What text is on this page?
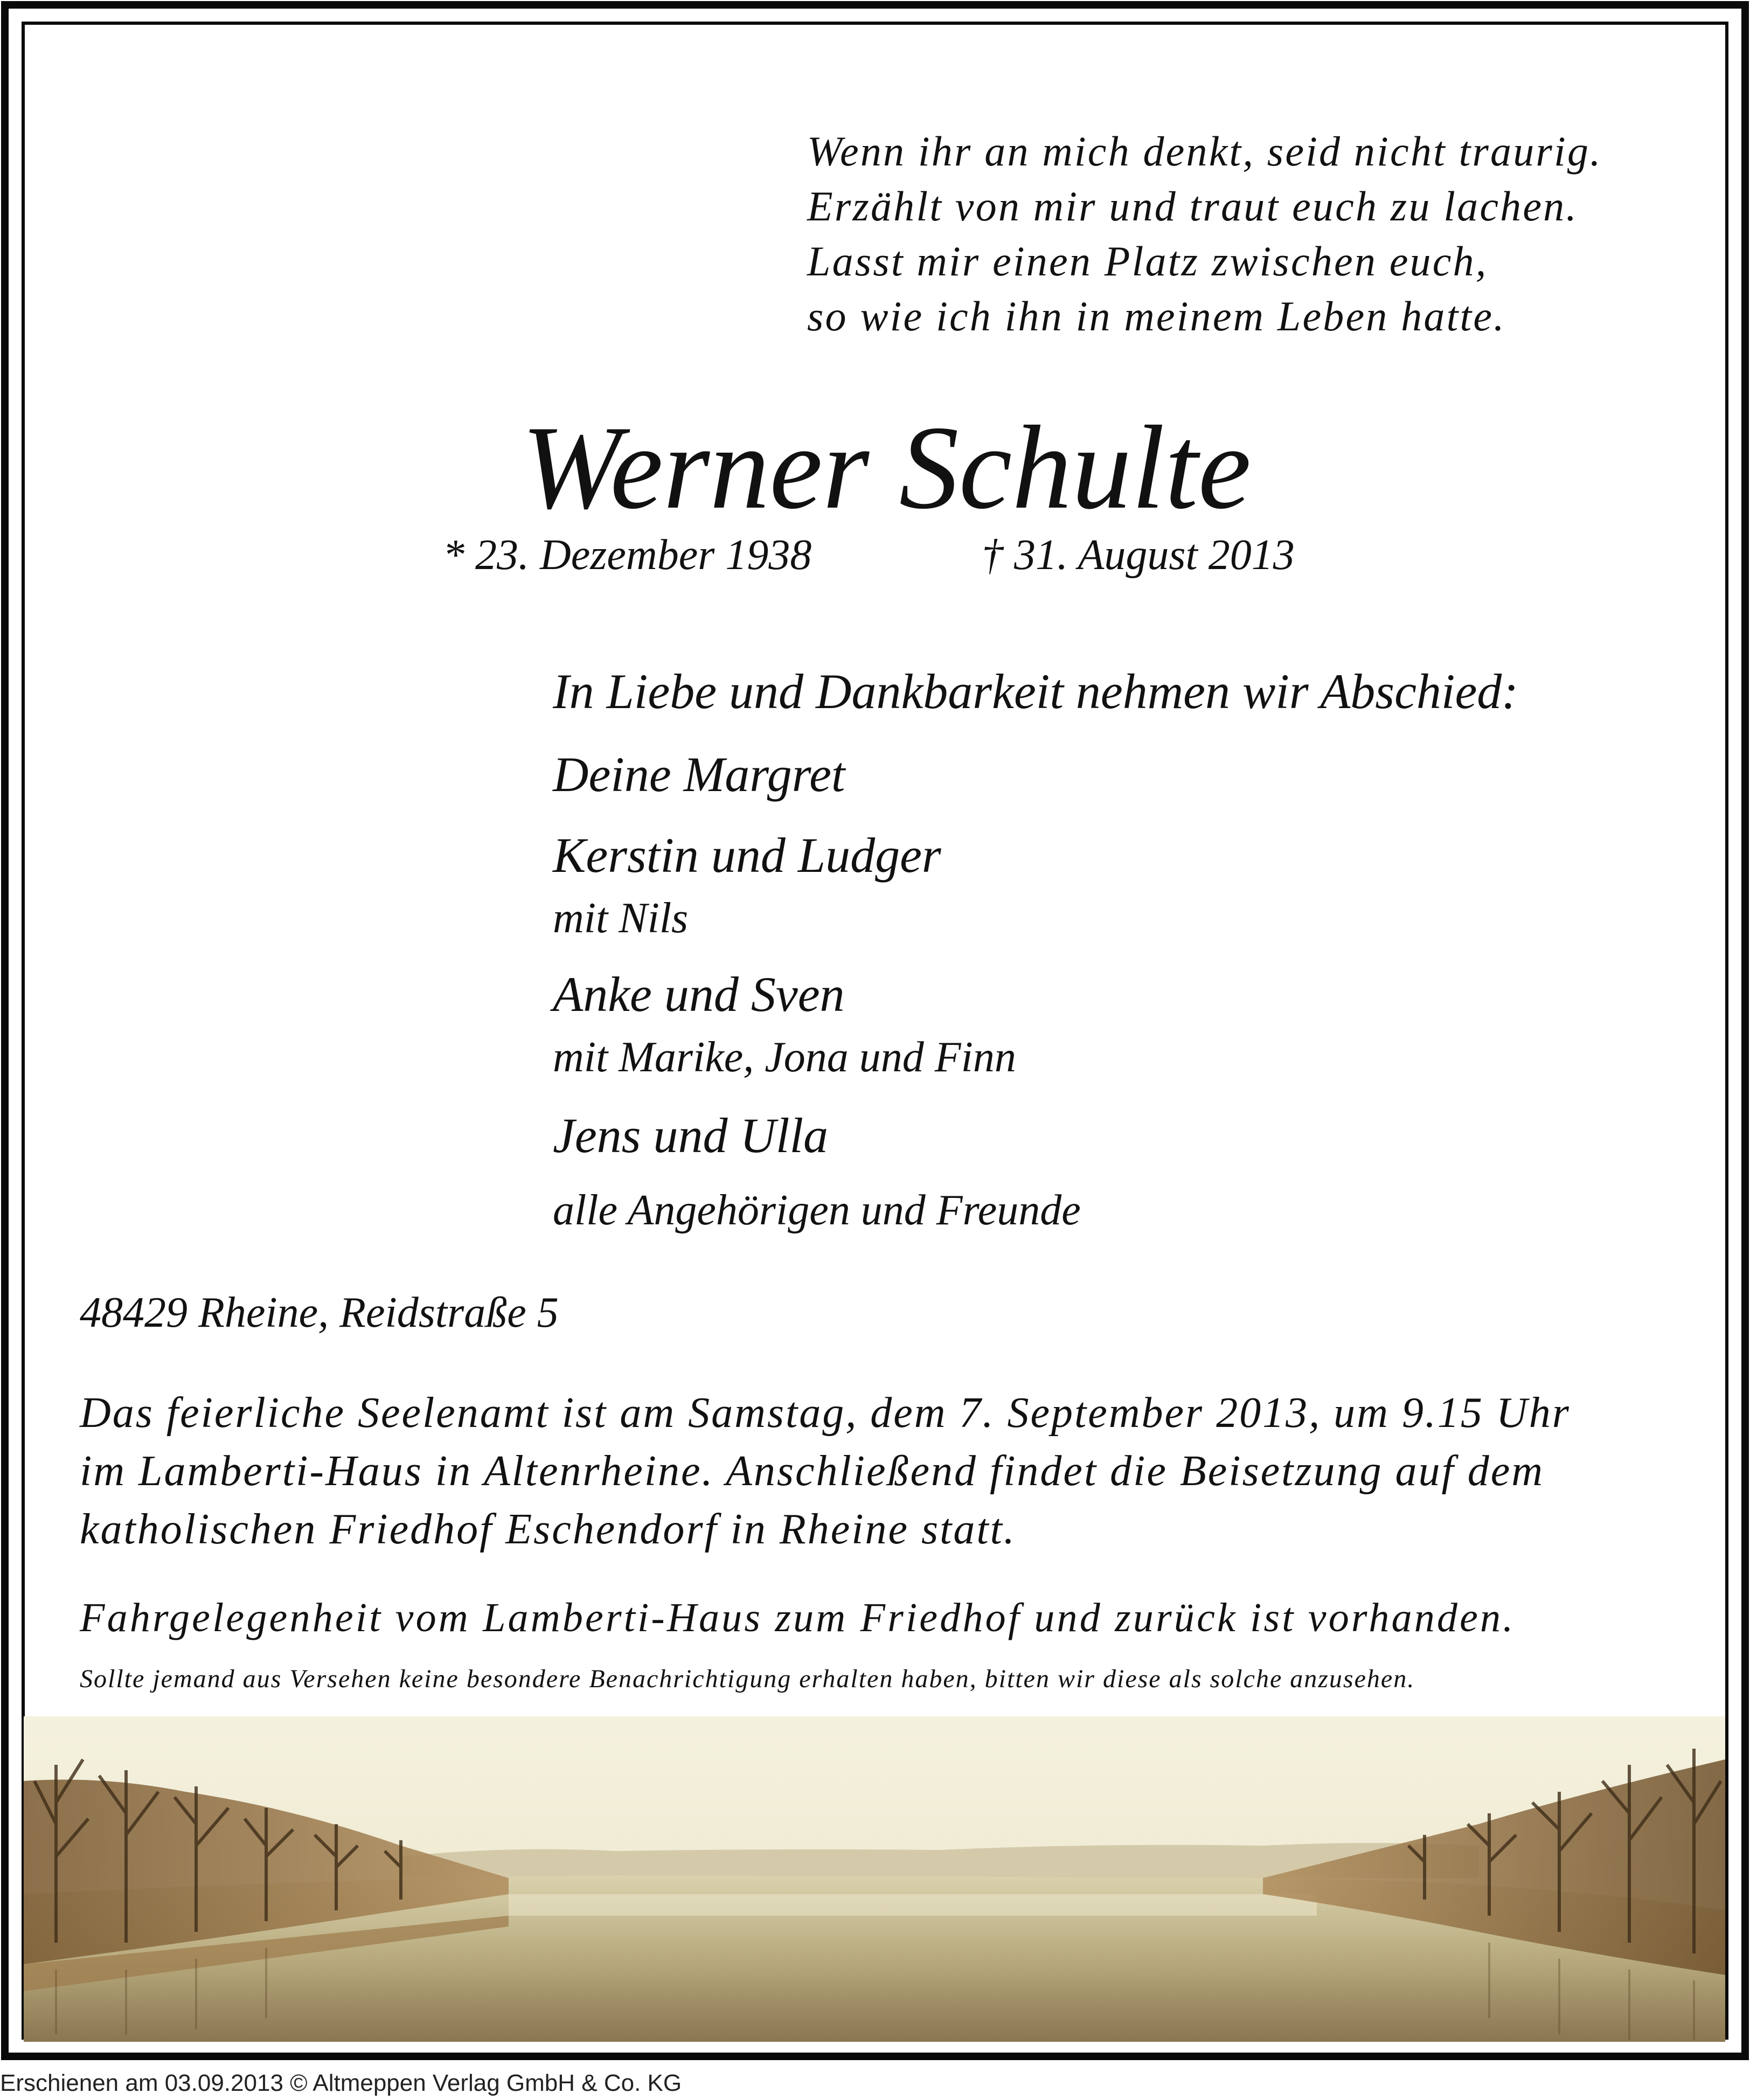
Wenn ihr an mich denkt, seid nicht traurig.
Erzählt von mir und traut euch zu lachen.
Lasst mir einen Platz zwischen euch,
so wie ich ihn in meinem Leben hatte.
Werner Schulte
* 23. Dezember 1938	† 31. August 2013
In Liebe und Dankbarkeit nehmen wir Abschied:
Deine Margret
Kerstin und Ludger
mit Nils
Anke und Sven
mit Marike, Jona und Finn
Jens und Ulla
alle Angehörigen und Freunde
48429 Rheine, Reidstraße 5
Das feierliche Seelenamt ist am Samstag, dem 7. September 2013, um 9.15 Uhr
im Lamberti-Haus in Altenrheine. Anschließend findet die Beisetzung auf dem
katholischen Friedhof Eschendorf in Rheine statt.
Fahrgelegenheit vom Lamberti-Haus zum Friedhof und zurück ist vorhanden.
Sollte jemand aus Versehen keine besondere Benachrichtigung erhalten haben, bitten wir diese als solche anzusehen.
Erschienen am 03.09.2013 © Altmeppen Verlag GmbH & Co. KG
